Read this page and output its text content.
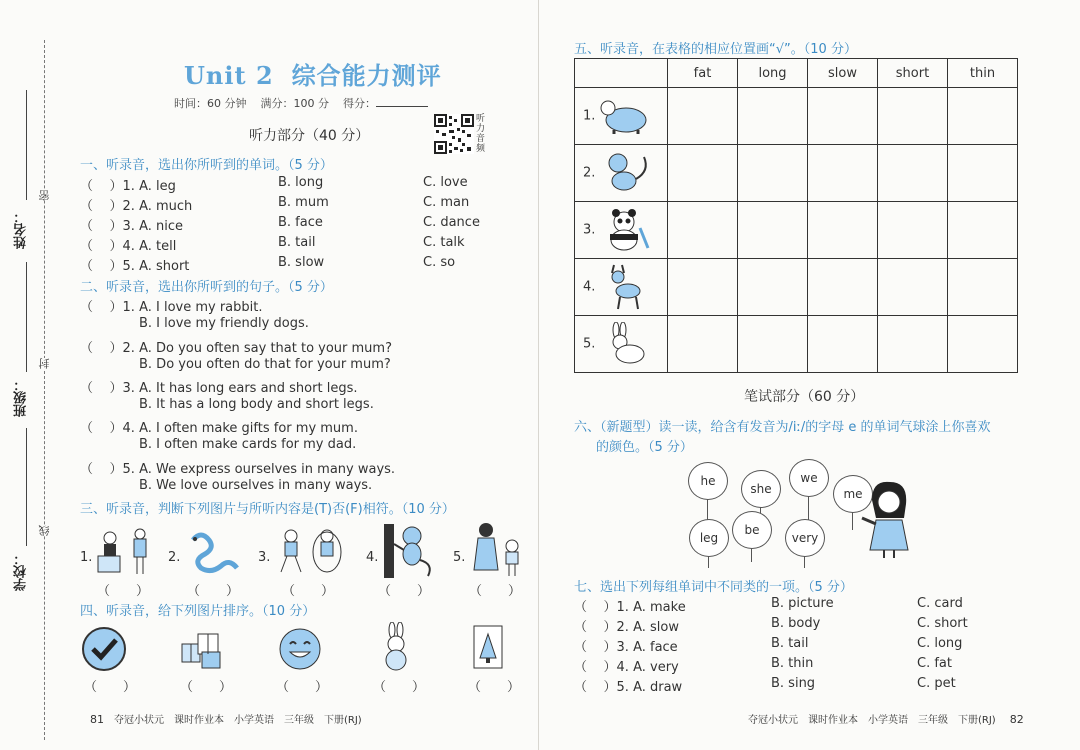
姓名：
班级：
学校：
密
封
线
Unit 2 综合能力测评
时间：60 分钟 满分：100 分 得分：
听力音频
听力部分（40 分）
一、听录音，选出你所听到的单词。（5 分）
（    ）1. A. leg	B. long	C. love
（    ）2. A. much	B. mum	C. man
（    ）3. A. nice	B. face	C. dance
（    ）4. A. tell	B. tail	C. talk
（    ）5. A. short	B. slow	C. so
二、听录音，选出你所听到的句子。（5 分）
（    ）1. A. I love my rabbit.
B. I love my friendly dogs.
（    ）2. A. Do you often say that to your mum?
B. Do you often do that for your mum?
（    ）3. A. It has long ears and short legs.
B. It has a long body and short legs.
（    ）4. A. I often make gifts for my mum.
B. I often make cards for my dad.
（    ）5. A. We express ourselves in many ways.
B. We love ourselves in many ways.
三、听录音，判断下列图片与所听内容是(T)否(F)相符。（10 分）
1.	2.	3.	4.	5.
（　　）	（　　）	（　　）	（　　）	（　　）
四、听录音，给下列图片排序。（10 分）
（　　）	（　　）	（　　）	（　　）	（　　）
81 夺冠小状元　课时作业本　小学英语　三年级　下册(RJ)
五、听录音，在表格的相应位置画“√”。（10 分）
	fat	long	slow	short	thin
1.					
2.					
3.					
4.					
5.					
笔试部分（60 分）
六、（新题型）读一读，给含有发音为/iː/的字母 e 的单词气球涂上你喜欢
的颜色。（5 分）
he
she
we
me
leg
be
very
七、选出下列每组单词中不同类的一项。（5 分）
（    ）1. A. make	B. picture	C. card
（    ）2. A. slow	B. body	C. short
（    ）3. A. face	B. tail	C. long
（    ）4. A. very	B. thin	C. fat
（    ）5. A. draw	B. sing	C. pet
夺冠小状元　课时作业本　小学英语　三年级　下册(RJ) 82
